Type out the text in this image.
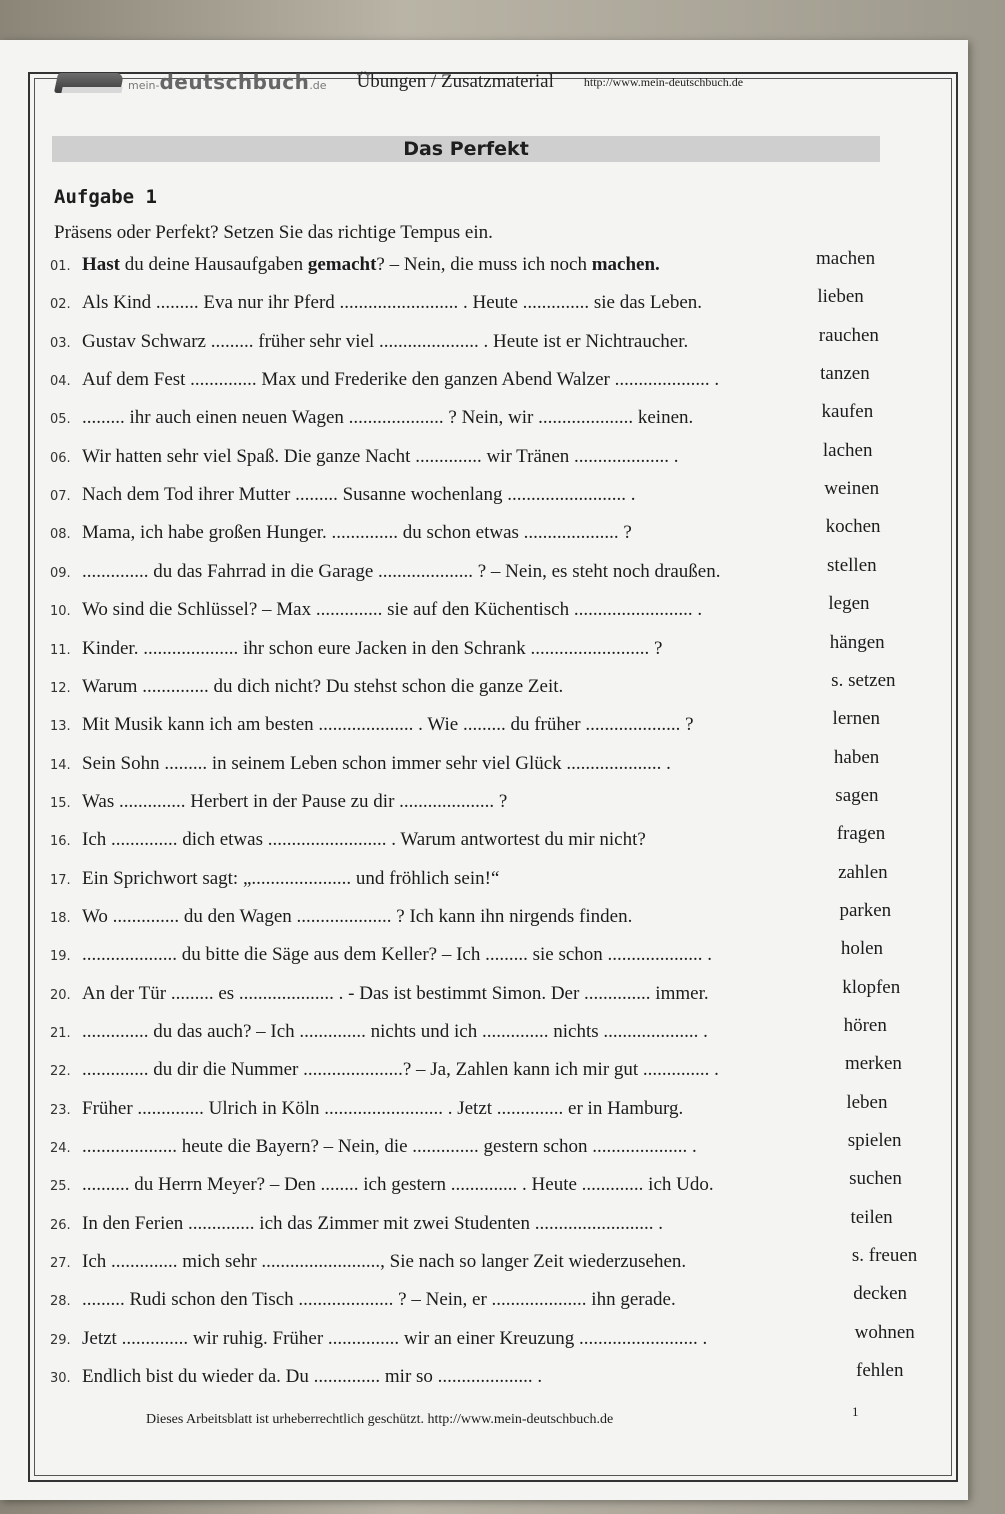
mein-deutschbuch.de Übungen / Zusatzmaterial	http://www.mein-deutschbuch.de
Das Perfekt
Aufgabe 1
Präsens oder Perfekt? Setzen Sie das richtige Tempus ein.
01. Hast du deine Hausaufgaben gemacht? – Nein, die muss ich noch machen.	machen
02. Als Kind ......... Eva nur ihr Pferd ......................... . Heute .............. sie das Leben.	lieben
03. Gustav Schwarz ......... früher sehr viel ..................... . Heute ist er Nichtraucher.	rauchen
04. Auf dem Fest .............. Max und Frederike den ganzen Abend Walzer .................... .	tanzen
05. ......... ihr auch einen neuen Wagen .................... ? Nein, wir .................... keinen.	kaufen
06. Wir hatten sehr viel Spaß. Die ganze Nacht .............. wir Tränen .................... .	lachen
07. Nach dem Tod ihrer Mutter ......... Susanne wochenlang ......................... .	weinen
08. Mama, ich habe großen Hunger. .............. du schon etwas .................... ?	kochen
09. .............. du das Fahrrad in die Garage .................... ? – Nein, es steht noch draußen.	stellen
10. Wo sind die Schlüssel? – Max .............. sie auf den Küchentisch ......................... .	legen
11. Kinder. .................... ihr schon eure Jacken in den Schrank ......................... ?	hängen
12. Warum .............. du dich nicht? Du stehst schon die ganze Zeit.	s. setzen
13. Mit Musik kann ich am besten .................... . Wie ......... du früher .................... ?	lernen
14. Sein Sohn ......... in seinem Leben schon immer sehr viel Glück .................... .	haben
15. Was .............. Herbert in der Pause zu dir .................... ?	sagen
16. Ich .............. dich etwas ......................... . Warum antwortest du mir nicht?	fragen
17. Ein Sprichwort sagt: „..................... und fröhlich sein!“	zahlen
18. Wo .............. du den Wagen .................... ? Ich kann ihn nirgends finden.	parken
19. .................... du bitte die Säge aus dem Keller? – Ich ......... sie schon .................... .	holen
20. An der Tür ......... es .................... . - Das ist bestimmt Simon. Der .............. immer.	klopfen
21. .............. du das auch? – Ich .............. nichts und ich .............. nichts .................... .	hören
22. .............. du dir die Nummer .....................? – Ja, Zahlen kann ich mir gut .............. .	merken
23. Früher .............. Ulrich in Köln ......................... . Jetzt .............. er in Hamburg.	leben
24. .................... heute die Bayern? – Nein, die .............. gestern schon .................... .	spielen
25. .......... du Herrn Meyer? – Den ........ ich gestern .............. . Heute ............. ich Udo.	suchen
26. In den Ferien .............. ich das Zimmer mit zwei Studenten ......................... .	teilen
27. Ich .............. mich sehr ........................., Sie nach so langer Zeit wiederzusehen.	s. freuen
28. ......... Rudi schon den Tisch .................... ? – Nein, er .................... ihn gerade.	decken
29. Jetzt .............. wir ruhig. Früher ............... wir an einer Kreuzung ......................... .	wohnen
30. Endlich bist du wieder da. Du .............. mir so .................... .	fehlen
Dieses Arbeitsblatt ist urheberrechtlich geschützt. http://www.mein-deutschbuch.de
1
